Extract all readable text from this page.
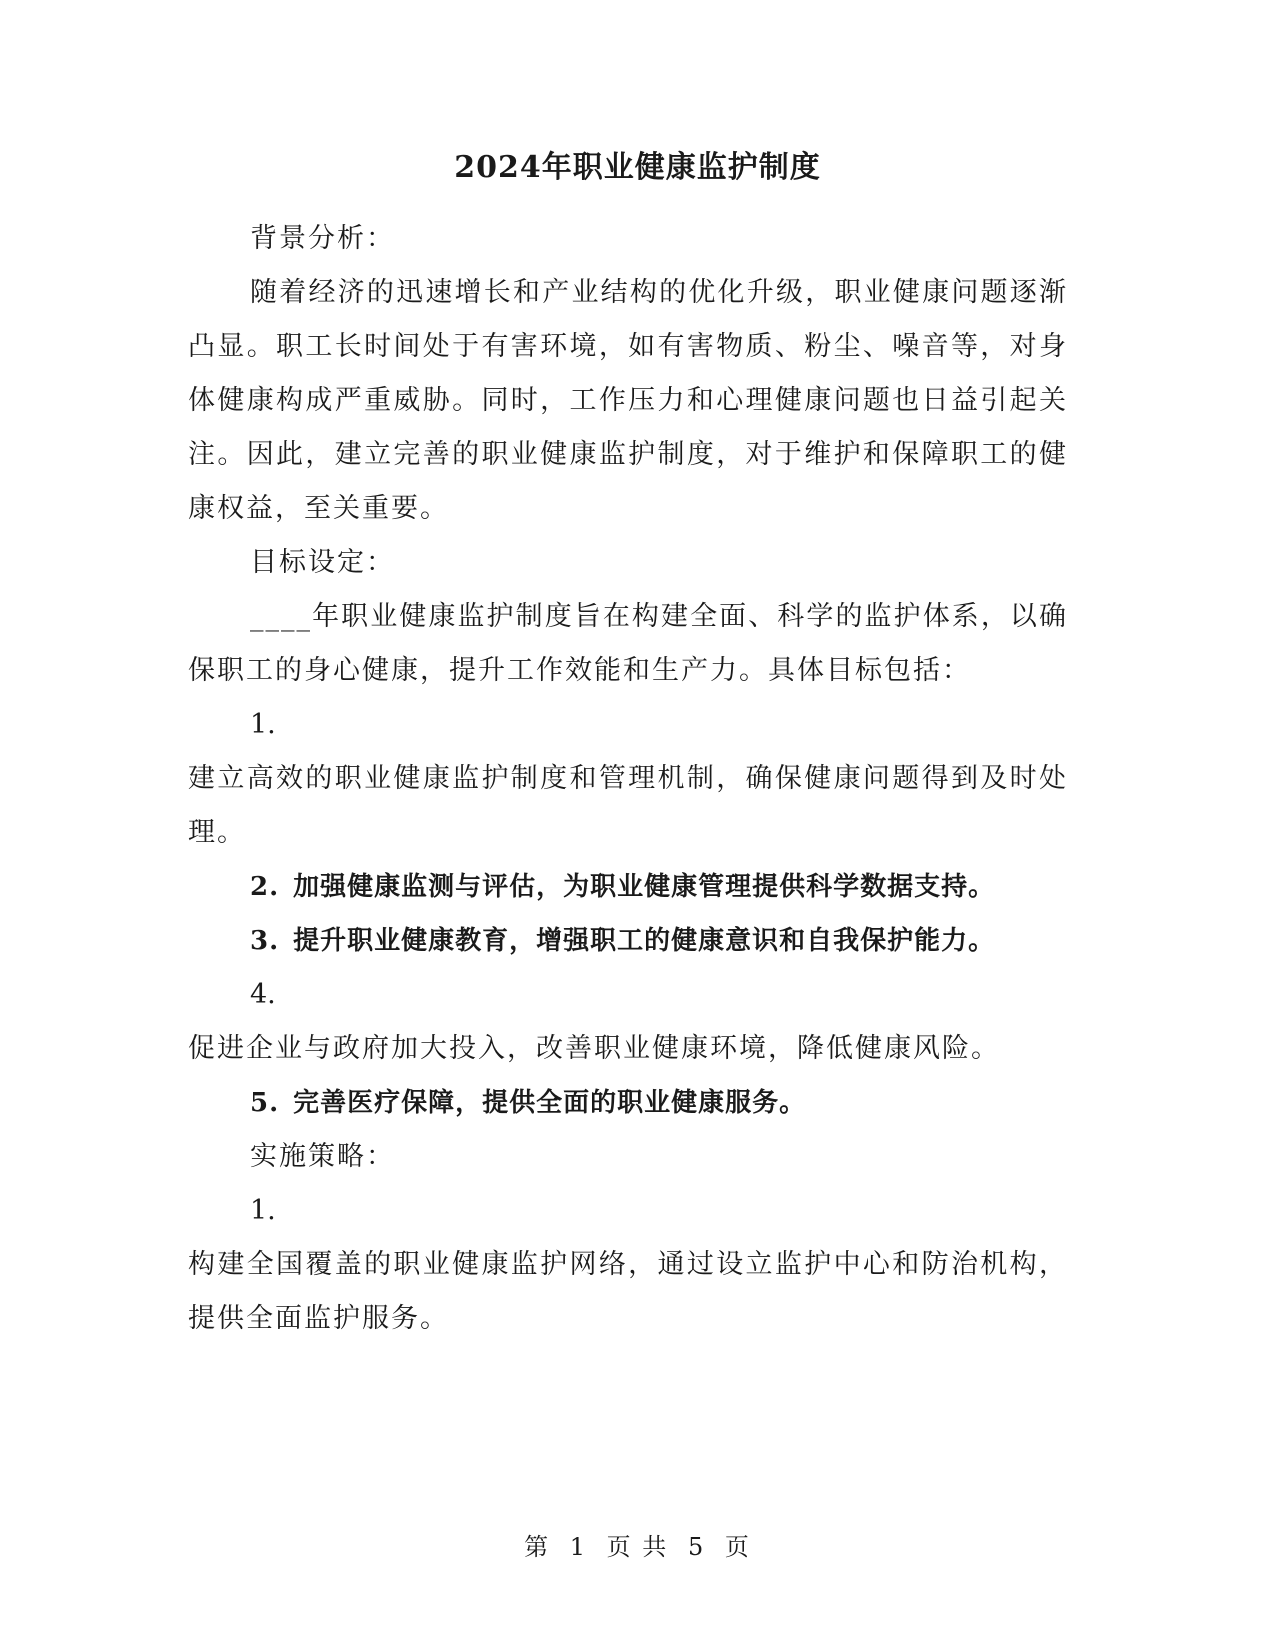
2024年职业健康监护制度

背景分析：

随着经济的迅速增长和产业结构的优化升级，职业健康问题逐渐凸显。职工长时间处于有害环境，如有害物质、粉尘、噪音等，对身体健康构成严重威胁。同时，工作压力和心理健康问题也日益引起关注。因此，建立完善的职业健康监护制度，对于维护和保障职工的健康权益，至关重要。

目标设定：

____年职业健康监护制度旨在构建全面、科学的监护体系，以确保职工的身心健康，提升工作效能和生产力。具体目标包括：

1.

建立高效的职业健康监护制度和管理机制，确保健康问题得到及时处理。

2. 加强健康监测与评估，为职业健康管理提供科学数据支持。

3. 提升职业健康教育，增强职工的健康意识和自我保护能力。

4.

促进企业与政府加大投入，改善职业健康环境，降低健康风险。

5. 完善医疗保障，提供全面的职业健康服务。

实施策略：

1.

构建全国覆盖的职业健康监护网络，通过设立监护中心和防治机构，提供全面监护服务。

第 1 页 共 5 页
